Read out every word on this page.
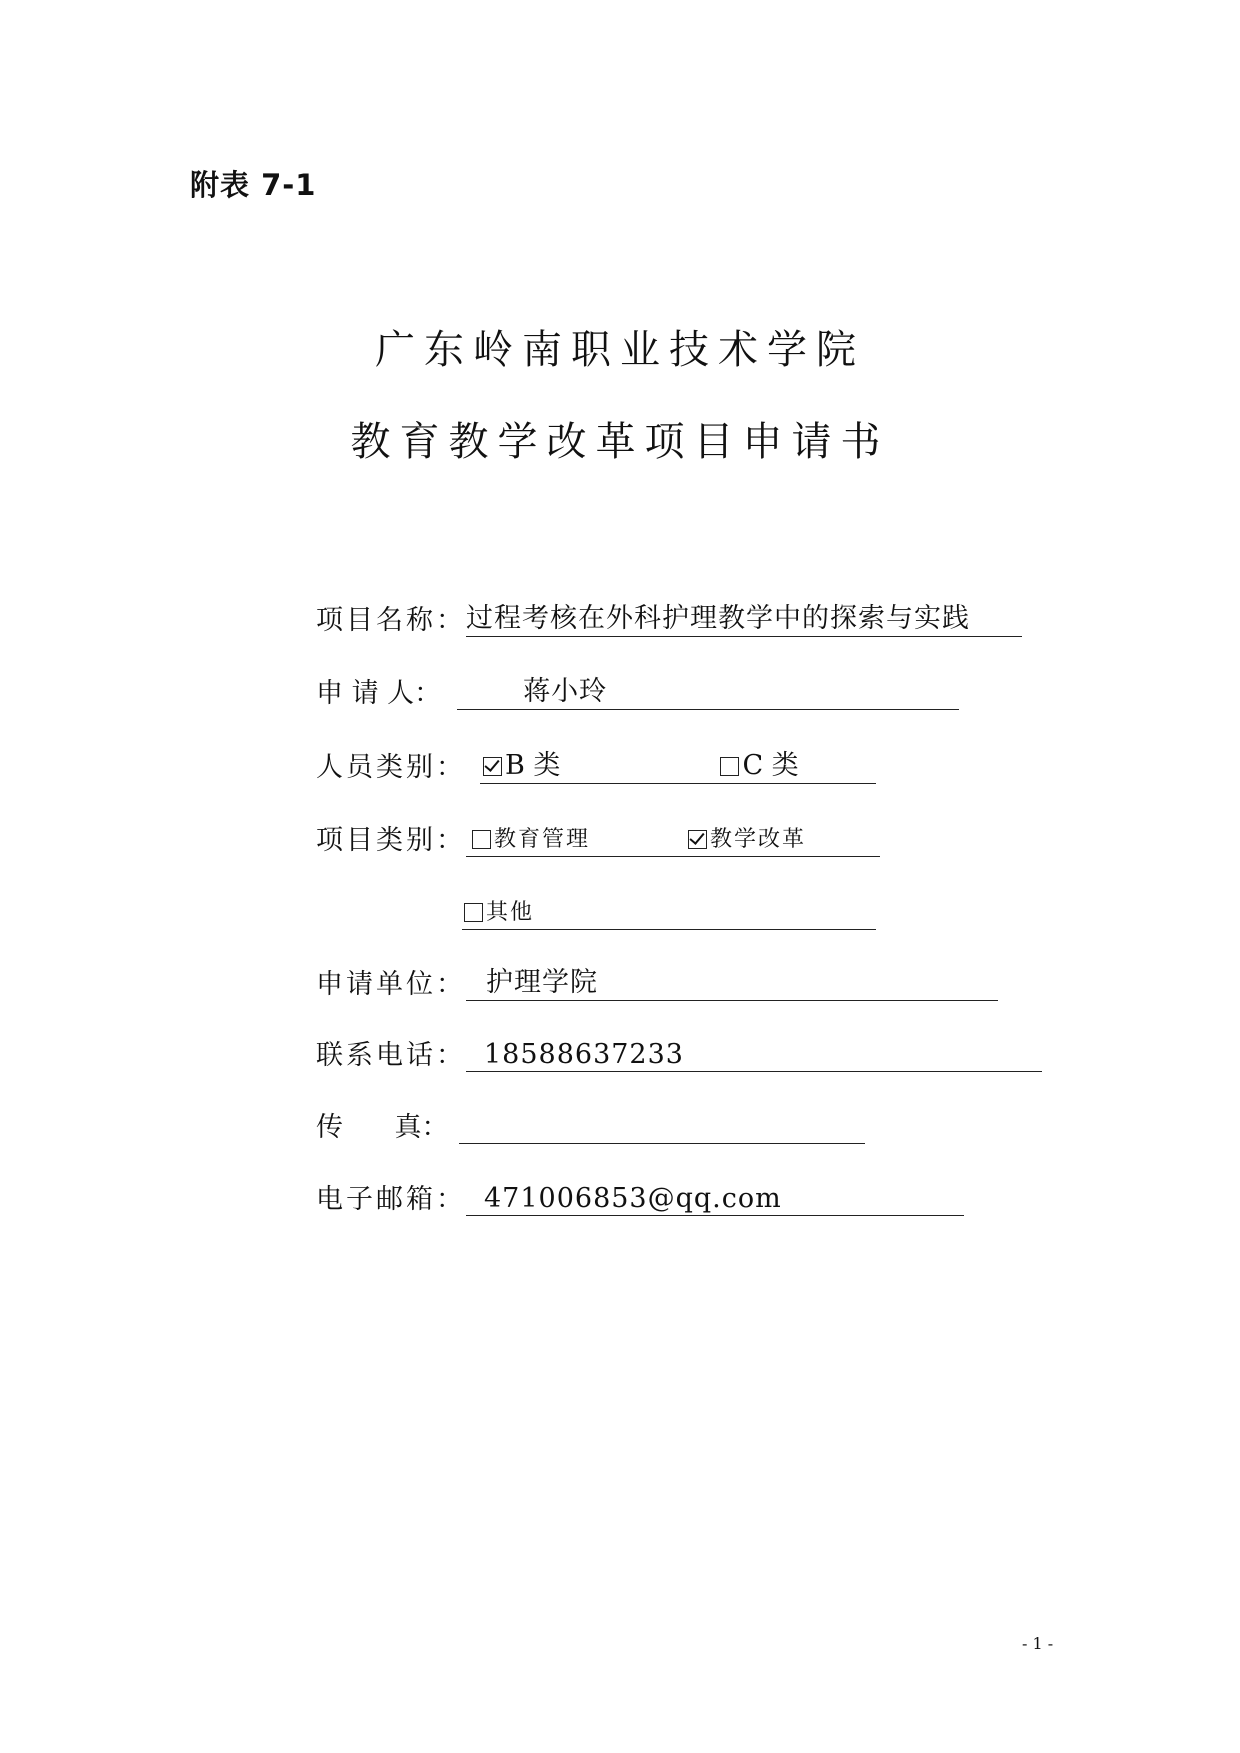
附表 7-1
广东岭南职业技术学院
教育教学改革项目申请书
项目名称： 过程考核在外科护理教学中的探索与实践
申 请 人：	蒋小玲
人员类别： B 类	C 类
项目类别： 教育管理	教学改革
其他
申请单位： 护理学院
联系电话： 18588637233
传      真：
电子邮箱： 471006853@qq.com
- 1 -
